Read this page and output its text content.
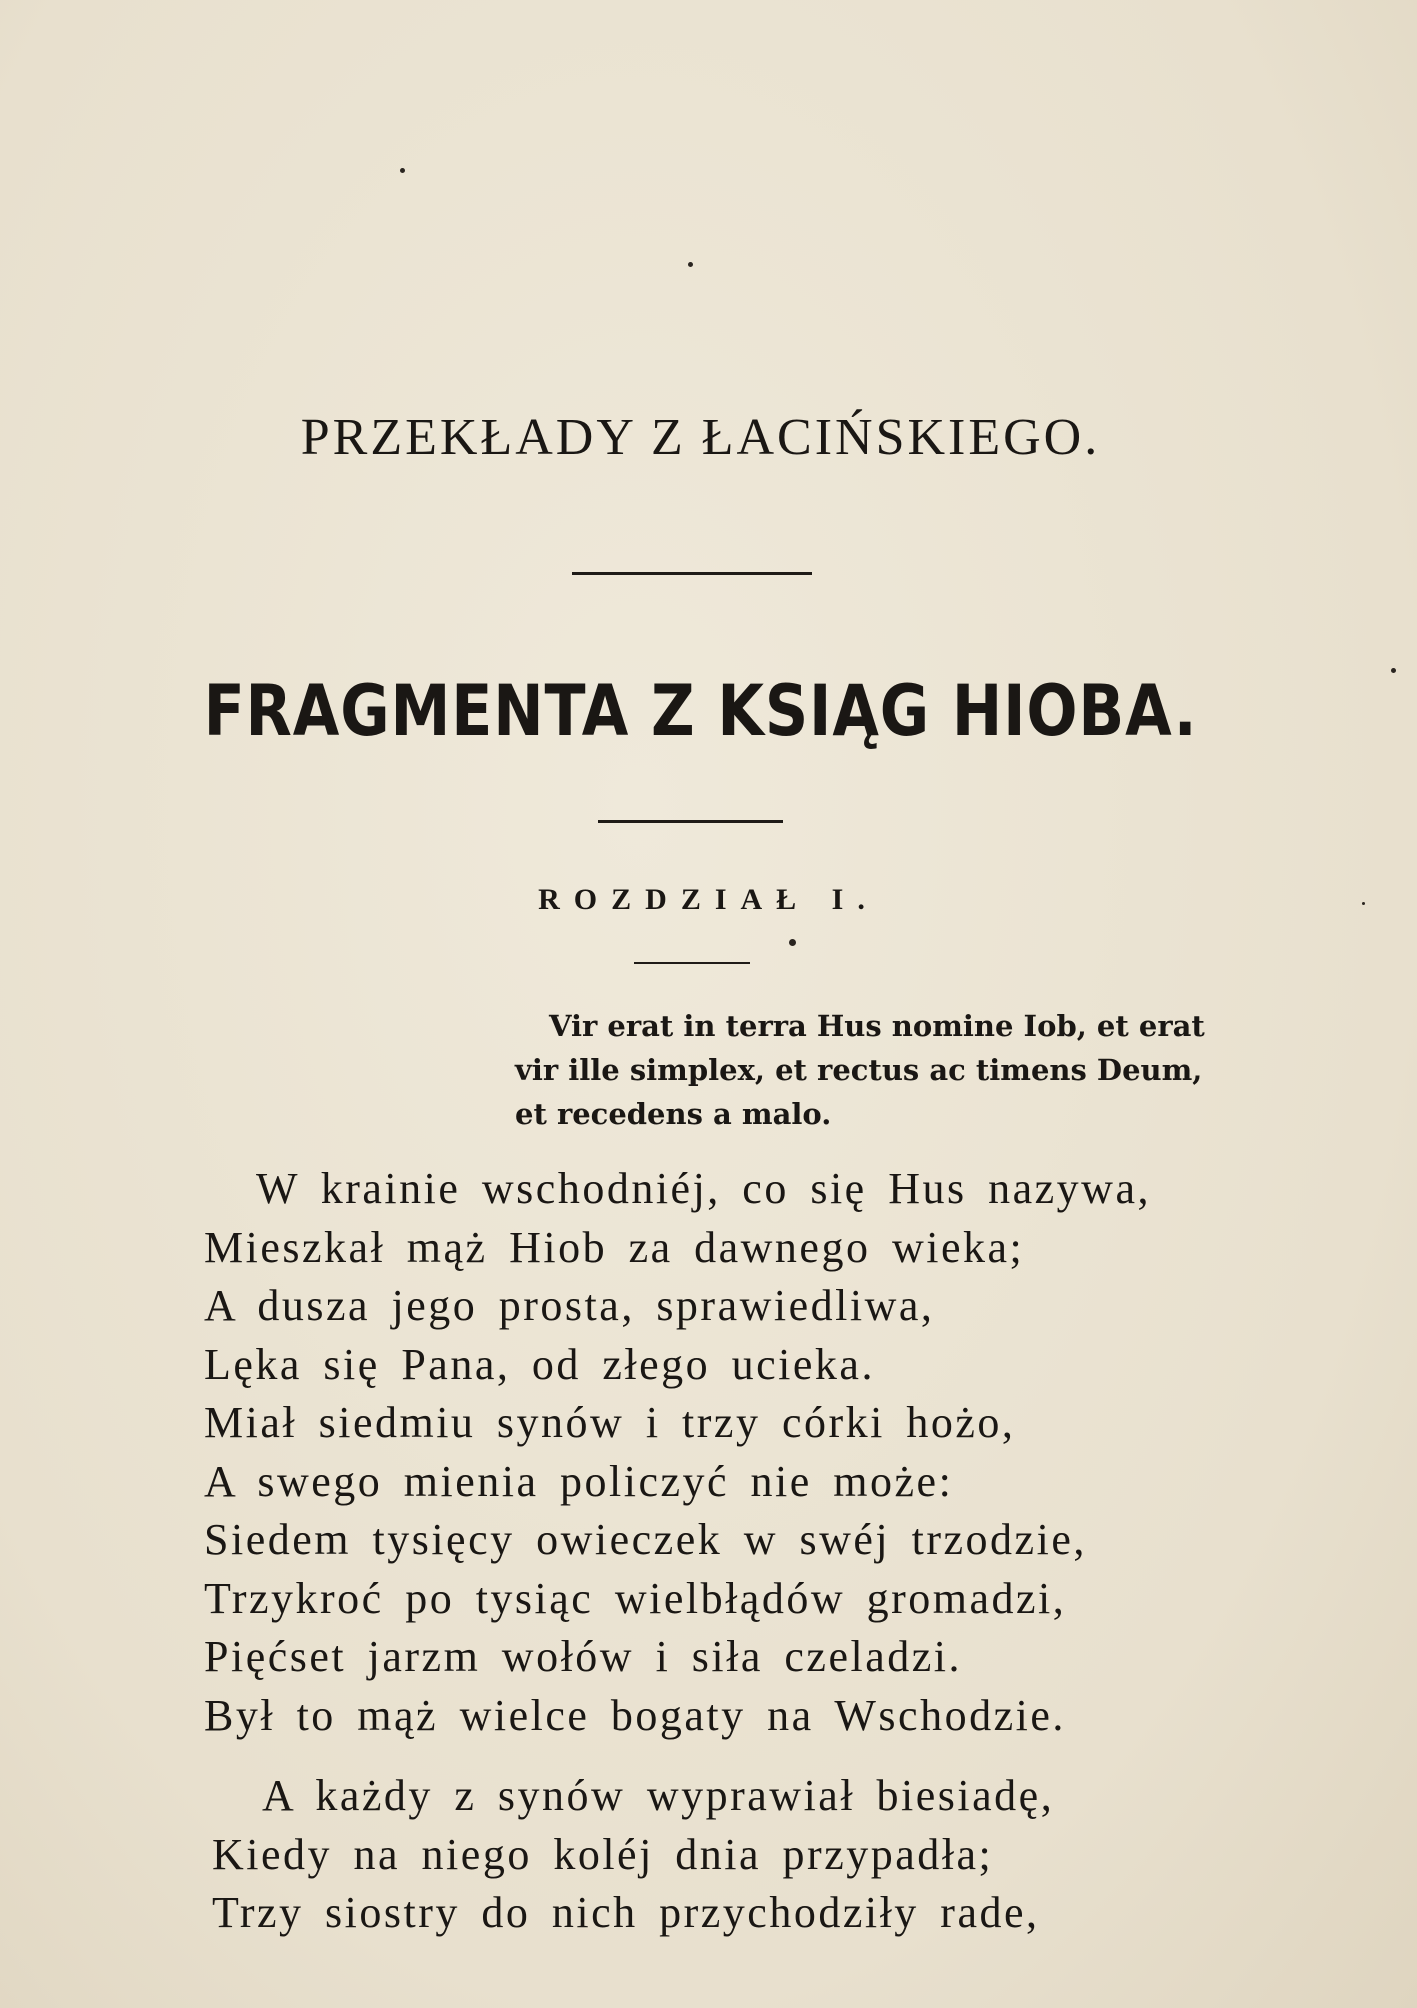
PRZEKŁADY Z ŁACIŃSKIEGO.
FRAGMENTA Z KSIĄG HIOBA.
ROZDZIAŁ I.
Vir erat in terra Hus nomine Iob, et erat
vir ille simplex, et rectus ac timens Deum,
et recedens a malo.
W krainie wschodniéj, co się Hus nazywa,
Mieszkał mąż Hiob za dawnego wieka;
A dusza jego prosta, sprawiedliwa,
Lęka się Pana, od złego ucieka.
Miał siedmiu synów i trzy córki hożo,
A swego mienia policzyć nie może:
Siedem tysięcy owieczek w swéj trzodzie,
Trzykroć po tysiąc wielbłądów gromadzi,
Pięćset jarzm wołów i siła czeladzi.
Był to mąż wielce bogaty na Wschodzie.
A każdy z synów wyprawiał biesiadę,
Kiedy na niego koléj dnia przypadła;
Trzy siostry do nich przychodziły rade,
